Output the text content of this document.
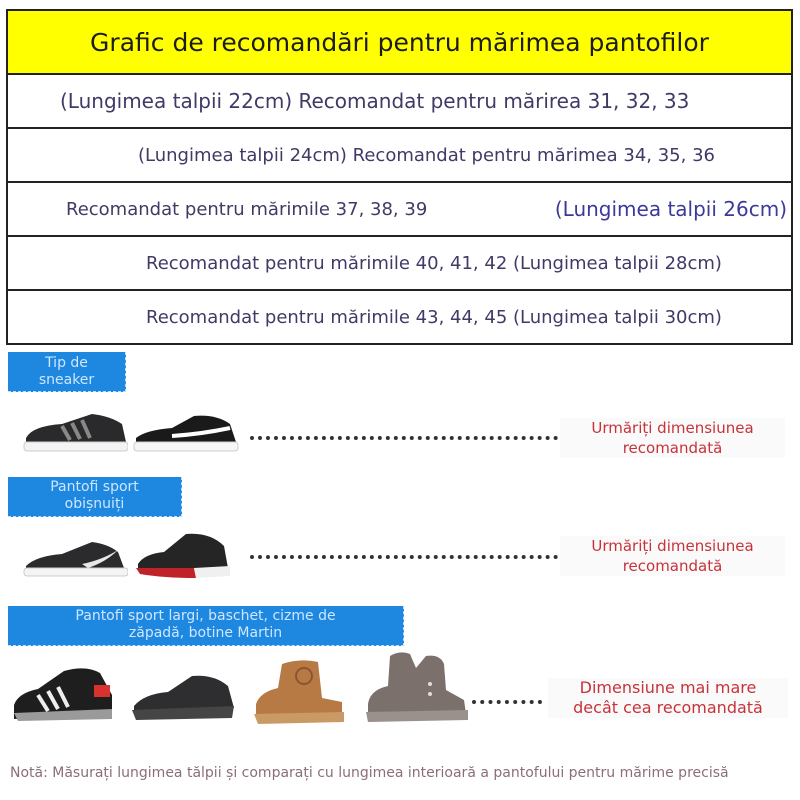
Grafic de recomandări pentru mărimea pantofilor
(Lungimea talpii 22cm) Recomandat pentru mărirea 31, 32, 33
(Lungimea talpii 24cm) Recomandat pentru mărimea 34, 35, 36
Recomandat pentru mărimile 37, 38, 39	(Lungimea talpii 26cm)
Recomandat pentru mărimile 40, 41, 42 (Lungimea talpii 28cm)
Recomandat pentru mărimile 43, 44, 45 (Lungimea talpii 30cm)
Tip de
sneaker
Urmăriți dimensiunea
recomandată
Pantofi sport
obișnuiți
Urmăriți dimensiunea
recomandată
Pantofi sport largi, baschet, cizme de
zăpadă, botine Martin
Dimensiune mai mare
decât cea recomandată
Notă: Măsurați lungimea tălpii și comparați cu lungimea interioară a pantofului pentru mărime precisă
